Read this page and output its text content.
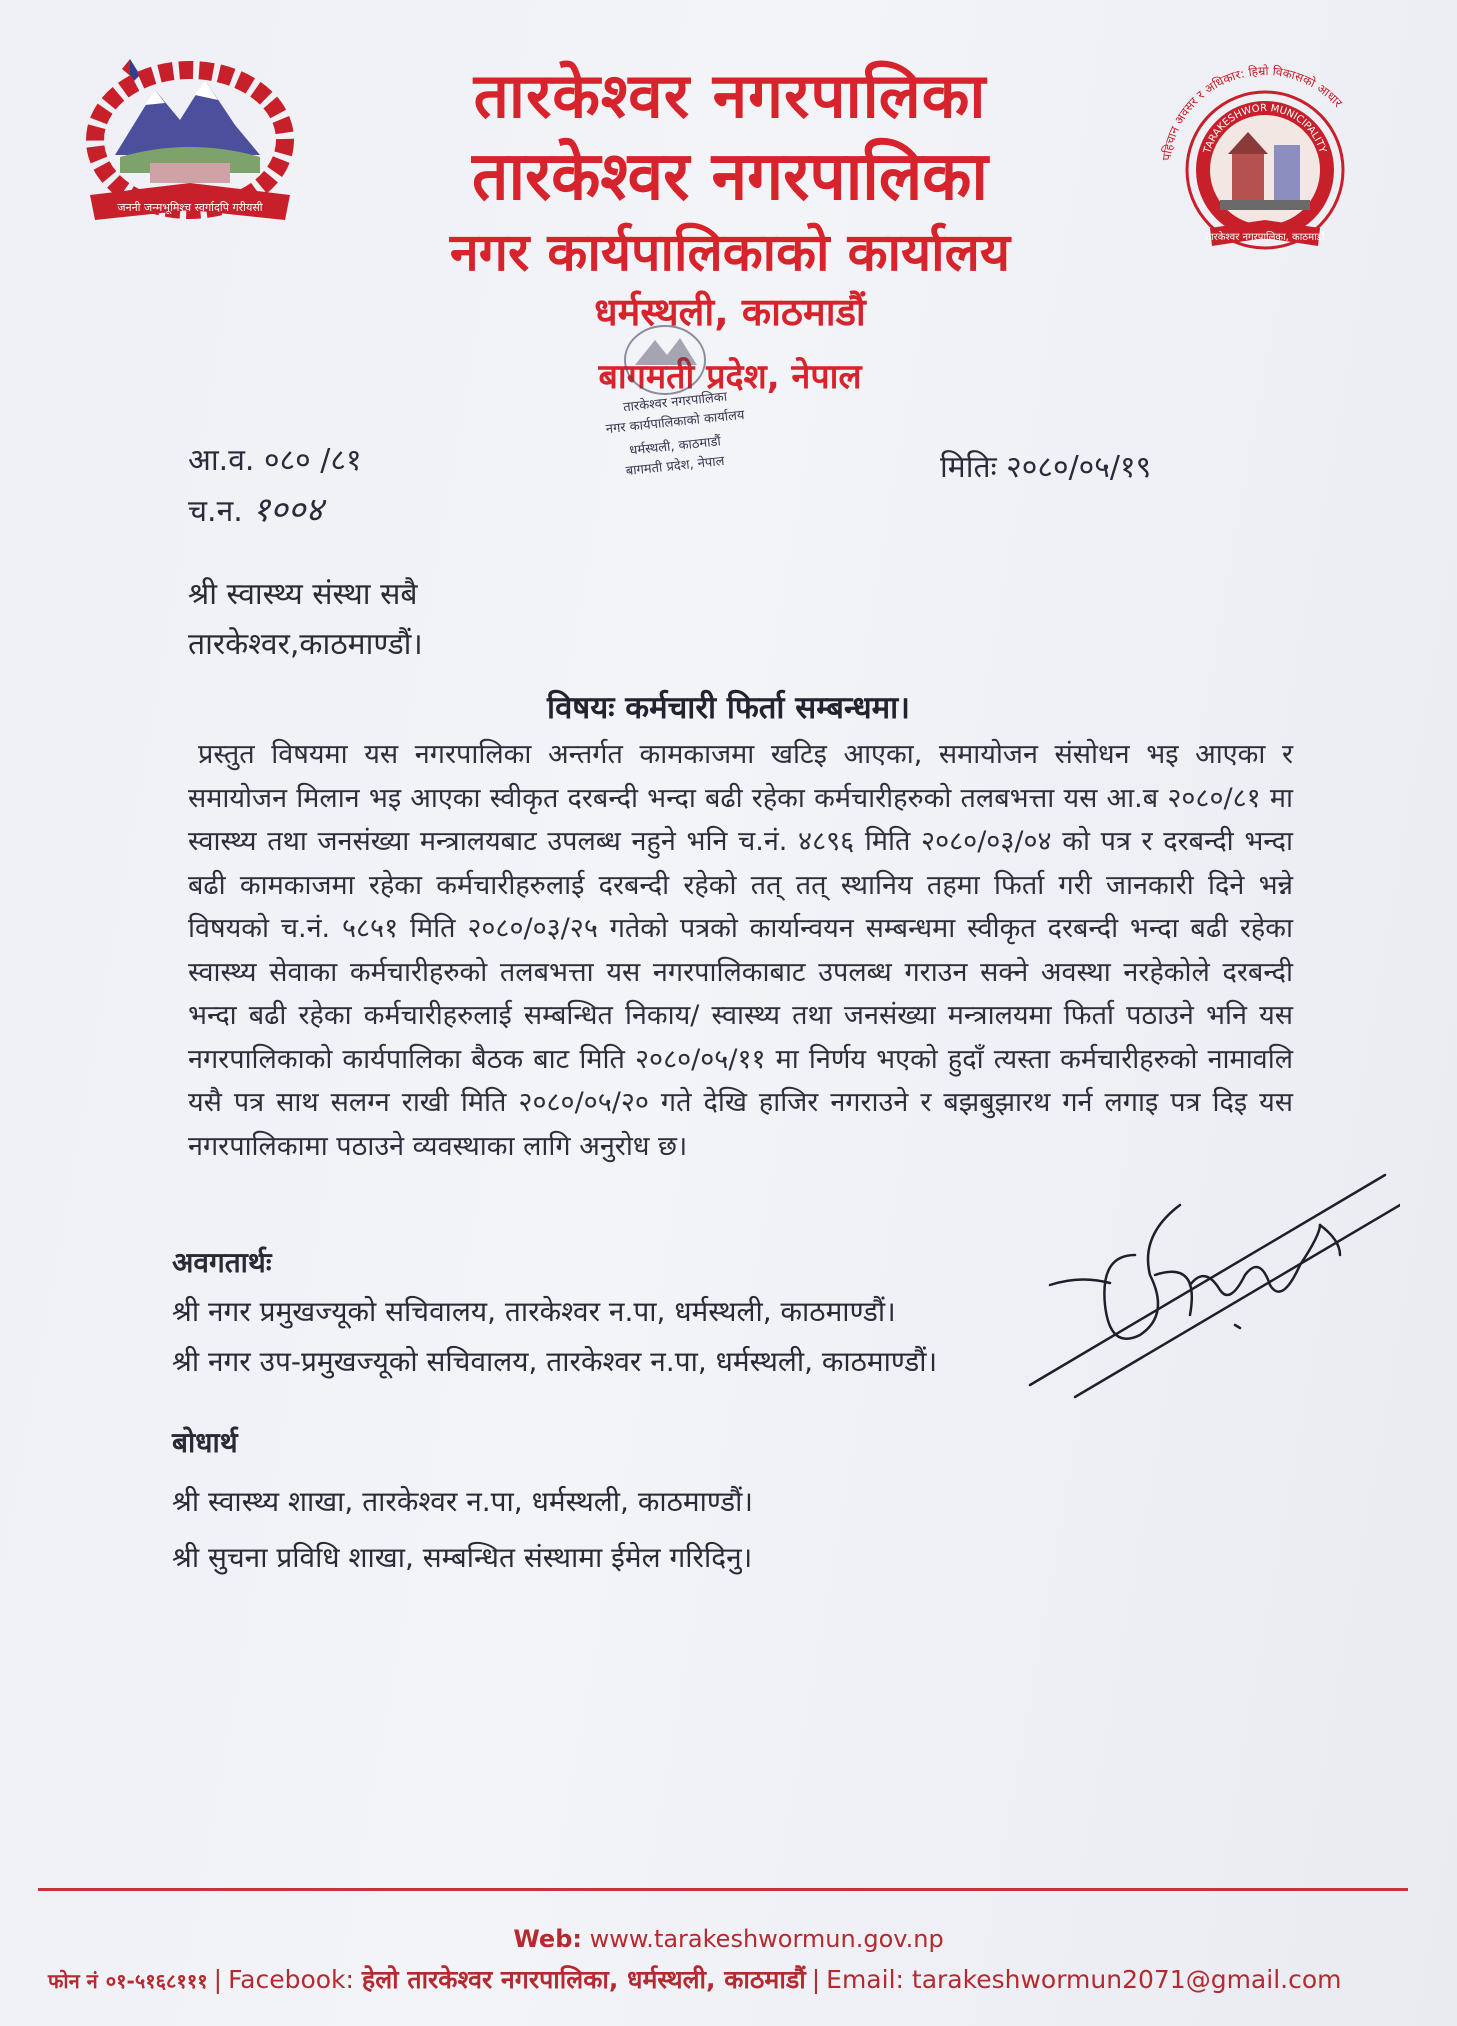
जननी जन्मभूमिश्च स्वर्गादपि गरीयसी
पहिचान अवसर र अधिकार: हिम्रो विकासको आधार
TARAKESHWOR MUNICIPALITY
तारकेश्वर नगरपालिका, काठमाडौं
तारकेश्वर नगरपालिका
तारकेश्वर नगरपालिका
नगर कार्यपालिकाको कार्यालय
धर्मस्थली, काठमाडौं
बागमती प्रदेश, नेपाल
तारकेश्वर नगरपालिका
नगर कार्यपालिकाको कार्यालय
धर्मस्थली, काठमाडौं
बागमती प्रदेश, नेपाल
आ.व. ०८० /८१
च.न. १००४
मितिः २०८०/०५/१९
श्री स्वास्थ्य संस्था सबै
तारकेश्वर,काठमाण्डौं।
विषयः कर्मचारी फिर्ता सम्बन्धमा।
प्रस्तुत विषयमा यस नगरपालिका अन्तर्गत कामकाजमा खटिइ आएका, समायोजन संसोधन भइ आएका र समायोजन मिलान भइ आएका स्वीकृत दरबन्दी भन्दा बढी रहेका कर्मचारीहरुको तलबभत्ता यस आ.ब २०८०/८१ मा स्वास्थ्य तथा जनसंख्या मन्त्रालयबाट उपलब्ध नहुने भनि च.नं. ४८९६ मिति २०८०/०३/०४ को पत्र र दरबन्दी भन्दा बढी कामकाजमा रहेका कर्मचारीहरुलाई दरबन्दी रहेको तत् तत् स्थानिय तहमा फिर्ता गरी जानकारी दिने भन्ने विषयको च.नं. ५८५१ मिति २०८०/०३/२५ गतेको पत्रको कार्यान्वयन सम्बन्धमा स्वीकृत दरबन्दी भन्दा बढी रहेका स्वास्थ्य सेवाका कर्मचारीहरुको तलबभत्ता यस नगरपालिकाबाट उपलब्ध गराउन सक्ने अवस्था नरहेकोले दरबन्दी भन्दा बढी रहेका कर्मचारीहरुलाई सम्बन्धित निकाय/ स्वास्थ्य तथा जनसंख्या मन्त्रालयमा फिर्ता पठाउने भनि यस नगरपालिकाको कार्यपालिका बैठक बाट मिति २०८०/०५/११ मा निर्णय भएको हुदाँ त्यस्ता कर्मचारीहरुको नामावलि यसै पत्र साथ सलग्न राखी मिति २०८०/०५/२० गते देखि हाजिर नगराउने र बझबुझारथ गर्न लगाइ पत्र दिइ यस नगरपालिकामा पठाउने व्यवस्थाका लागि अनुरोध छ।
अवगतार्थः
श्री नगर प्रमुखज्यूको सचिवालय, तारकेश्वर न.पा, धर्मस्थली, काठमाण्डौं।
श्री नगर उप-प्रमुखज्यूको सचिवालय, तारकेश्वर न.पा, धर्मस्थली, काठमाण्डौं।
बोधार्थ
श्री स्वास्थ्य शाखा, तारकेश्वर न.पा, धर्मस्थली, काठमाण्डौं।
श्री सुचना प्रविधि शाखा, सम्बन्धित संस्थामा ईमेल गरिदिनु।
Web: www.tarakeshwormun.gov.np
फोन नं ०१-५१६८१११ | Facebook: हेलो तारकेश्वर नगरपालिका, धर्मस्थली, काठमाडौं | Email: tarakeshwormun2071@gmail.com
